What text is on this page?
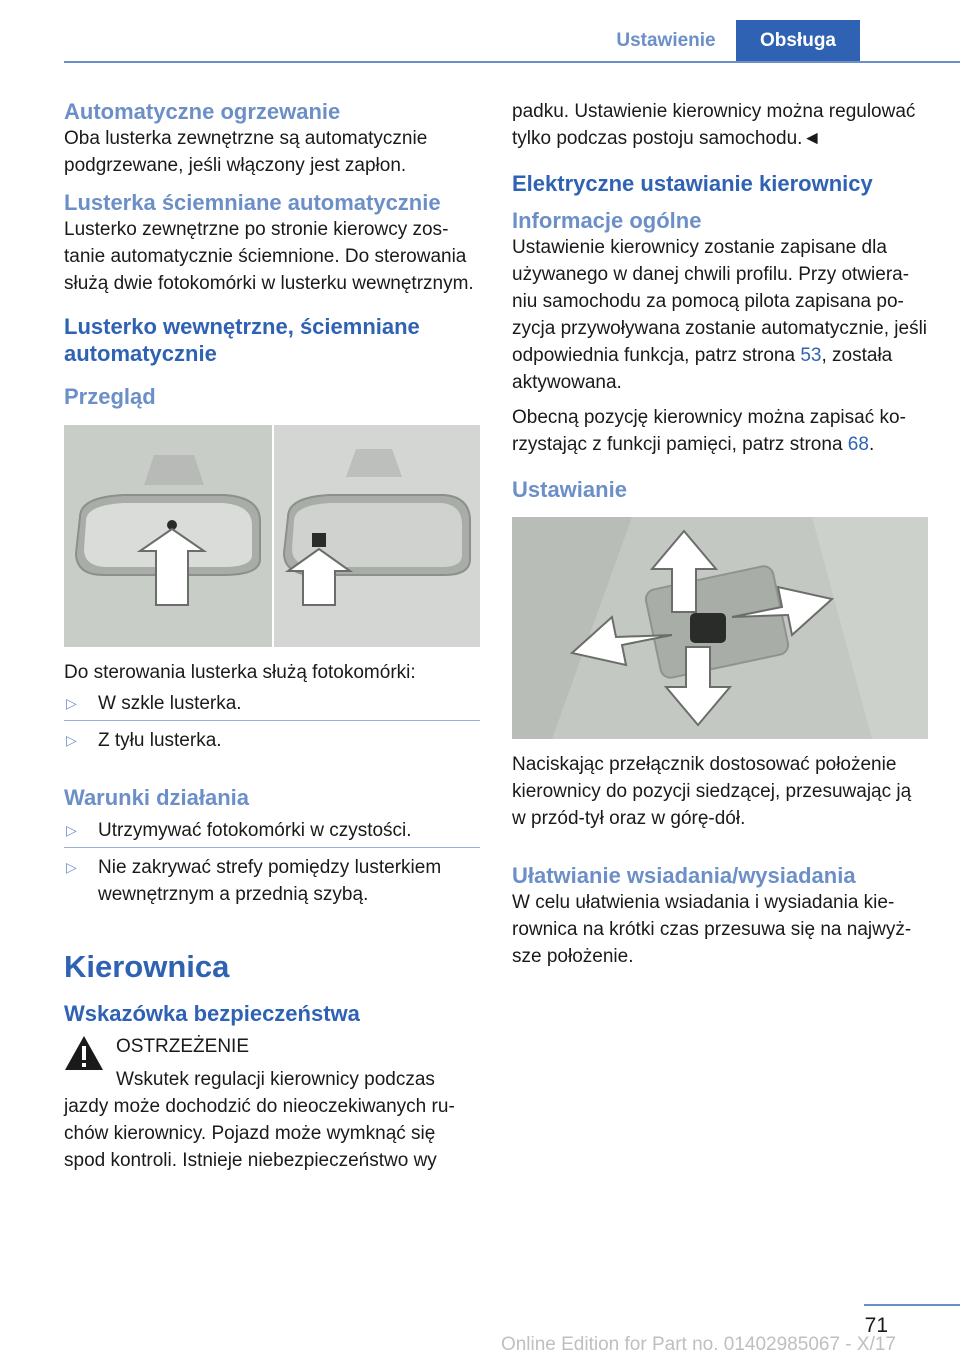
Ustawienie	Obsługa
Automatyczne ogrzewanie

Oba lusterka zewnętrzne są automatycznie podgrzewane, jeśli włączony jest zapłon.

Lusterka ściemniane automatycznie

Lusterko zewnętrzne po stronie kierowcy zostanie automatycznie ściemnione. Do sterowania służą dwie fotokomórki w lusterku wewnętrznym.

Lusterko wewnętrzne, ściemniane automatycznie
Przegląd

Do sterowania lusterka służą fotokomórki:

▷ W szkle lusterka.
▷ Z tyłu lusterka.
Warunki działania
▷ Utrzymywać fotokomórki w czystości.
▷ Nie zakrywać strefy pomiędzy lusterkiem wewnętrznym a przednią szybą.
Kierownica
Wskazówka bezpieczeństwa

OSTRZEŻENIE

Wskutek regulacji kierownicy podczas

jazdy może dochodzić do nieoczekiwanych ruchów kierownicy. Pojazd może wymknąć się spod kontroli. Istnieje niebezpieczeństwo wy

padku. Ustawienie kierownicy można regulować tylko podczas postoju samochodu.◄

Elektryczne ustawianie kierownicy
Informacje ogólne

Ustawienie kierownicy zostanie zapisane dla używanego w danej chwili profilu. Przy otwieraniu samochodu za pomocą pilota zapisana pozycja przywoływana zostanie automatycznie, jeśli odpowiednia funkcja, patrz strona 53, została aktywowana.

Obecną pozycję kierownicy można zapisać korzystając z funkcji pamięci, patrz strona 68.

Ustawianie

Naciskając przełącznik dostosować położenie kierownicy do pozycji siedzącej, przesuwając ją w przód-tył oraz w górę-dół.

Ułatwianie wsiadania/wysiadania

W celu ułatwienia wsiadania i wysiadania kierownica na krótki czas przesuwa się na najwyższe położenie.

71
Online Edition for Part no. 01402985067 - X/17
